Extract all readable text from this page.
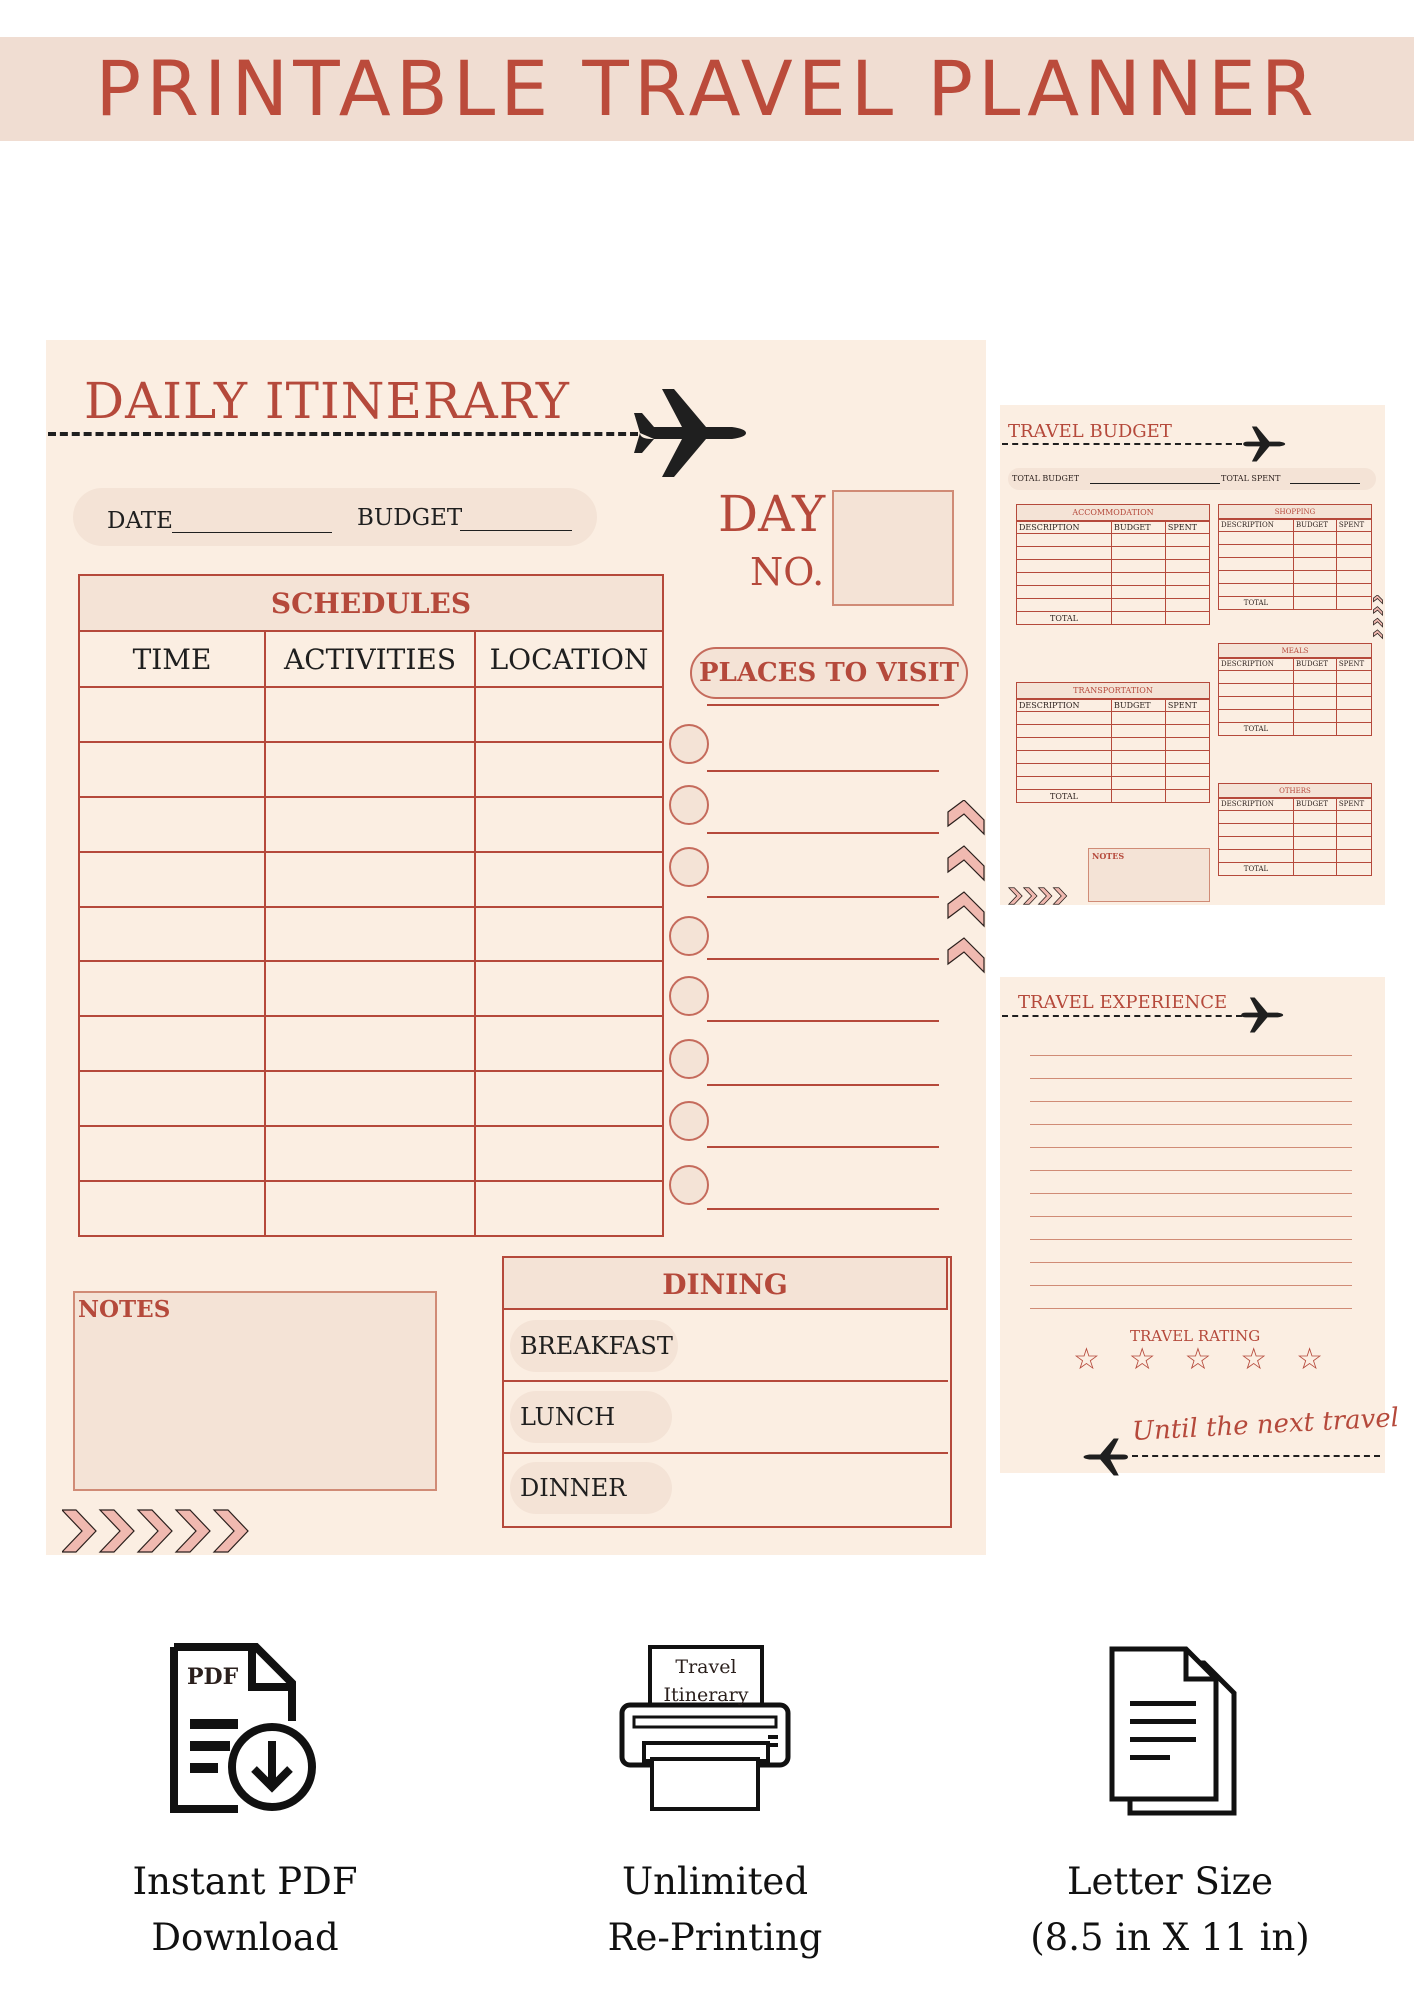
PRINTABLE TRAVEL PLANNER
DAILY ITINERARY
DATE	BUDGET	DAY
NO.
SCHEDULES		
TIME	ACTIVITIES	LOCATION

			PLACES TO VISIT
NOTES
DINING
BREAKFAST
LUNCH
DINNER
TRAVEL BUDGET
TOTAL BUDGET	TOTAL SPENT
ACCOMMODATION
DESCRIPTION	BUDGET	SPENT

TOTAL		
TRANSPORTATION
DESCRIPTION	BUDGET	SPENT

TOTAL		
NOTES
SHOPPING
DESCRIPTION	BUDGET	SPENT

TOTAL		
MEALS
DESCRIPTION	BUDGET	SPENT

TOTAL		
OTHERS
DESCRIPTION	BUDGET	SPENT

TOTAL		
TRAVEL EXPERIENCE
TRAVEL RATING
☆ ☆ ☆ ☆ ☆
Until the next travel
PDF	Travel
Itinerary
Instant PDF
Download
Unlimited
Re-Printing
Letter Size
(8.5 in X 11 in)
